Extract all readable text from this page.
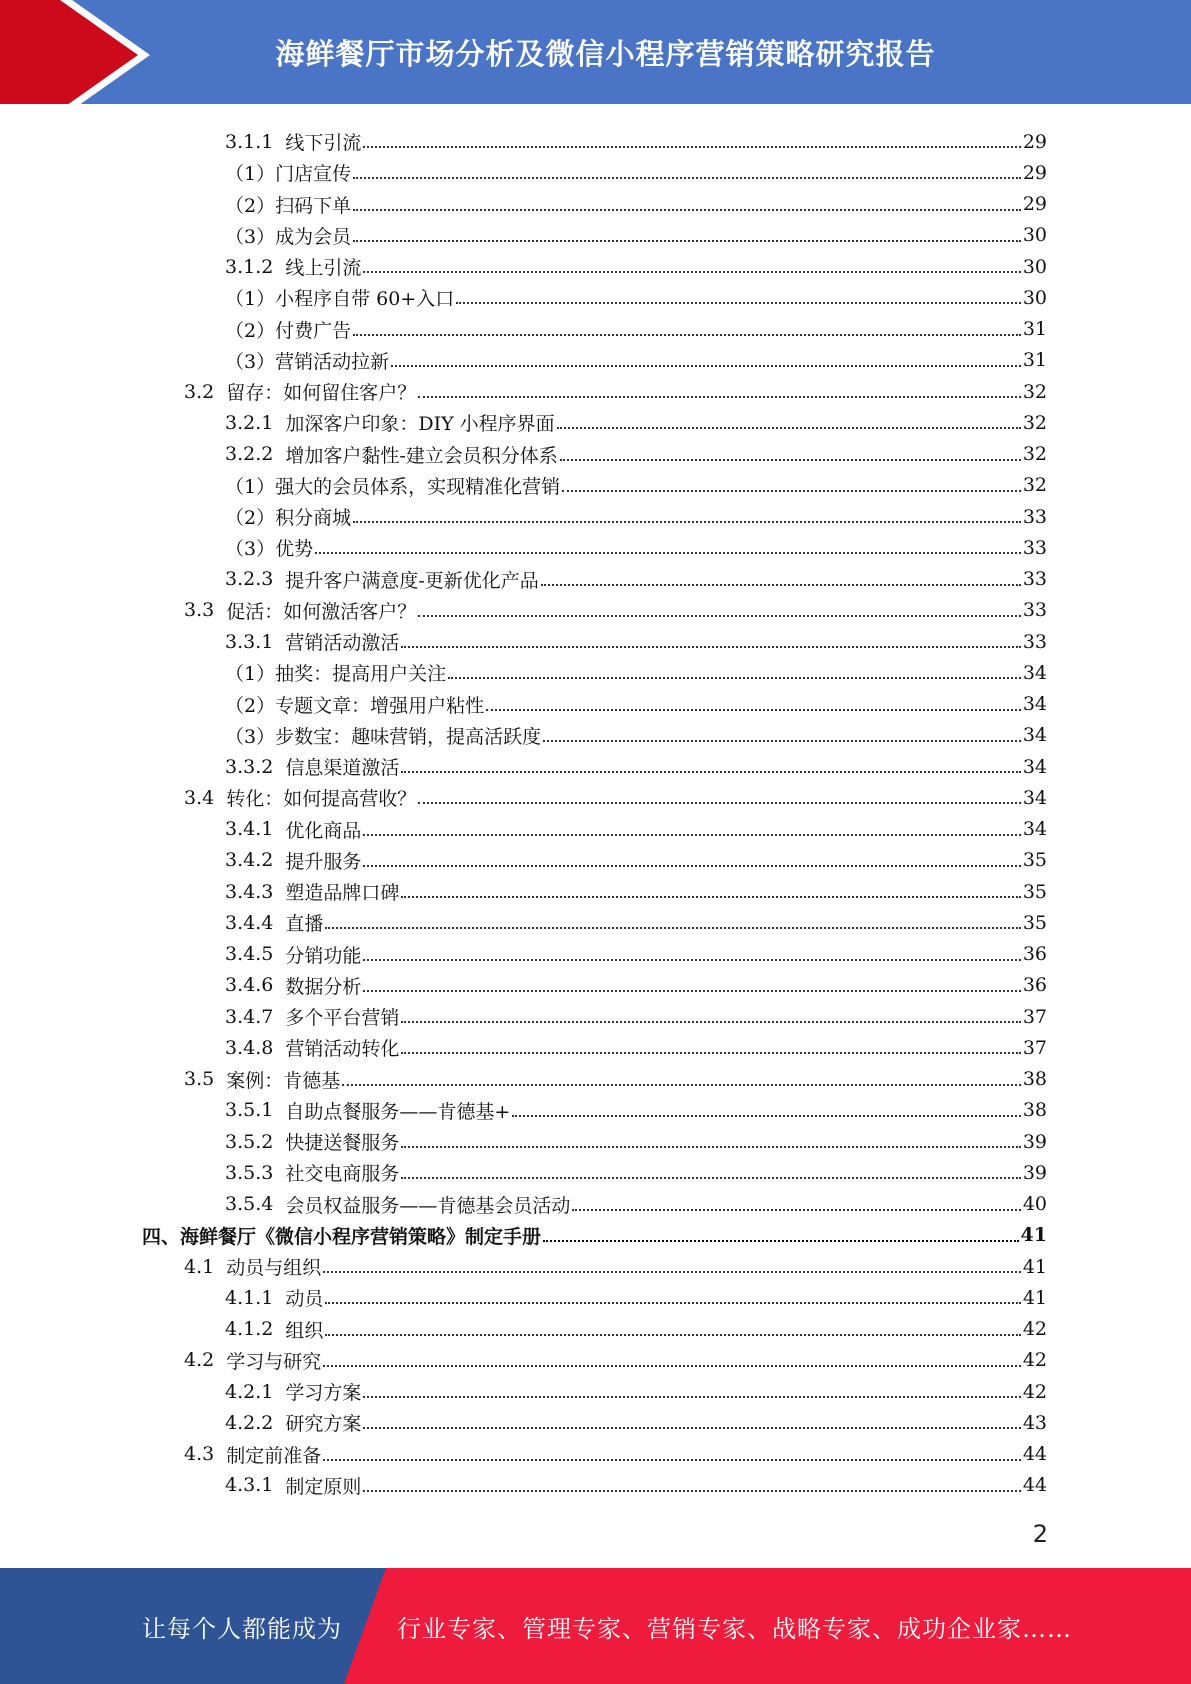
海鲜餐厅市场分析及微信小程序营销策略研究报告
3.1.1 线下引流	29
（1） 门店宣传	29
（2） 扫码下单	29
（3） 成为会员	30
3.1.2 线上引流	30
（1） 小程序自带 60+入口	30
（2） 付费广告	31
（3） 营销活动拉新	31
3.2 留存：如何留住客户？	32
3.2.1 加深客户印象：DIY 小程序界面	32
3.2.2 增加客户黏性-建立会员积分体系	32
（1） 强大的会员体系，实现精准化营销	32
（2） 积分商城	33
（3） 优势	33
3.2.3 提升客户满意度-更新优化产品	33
3.3 促活：如何激活客户？	33
3.3.1 营销活动激活	33
（1） 抽奖：提高用户关注	34
（2） 专题文章：增强用户粘性	34
（3） 步数宝：趣味营销，提高活跃度	34
3.3.2 信息渠道激活	34
3.4 转化：如何提高营收？	34
3.4.1 优化商品	34
3.4.2 提升服务	35
3.4.3 塑造品牌口碑	35
3.4.4 直播	35
3.4.5 分销功能	36
3.4.6 数据分析	36
3.4.7 多个平台营销	37
3.4.8 营销活动转化	37
3.5 案例：肯德基	38
3.5.1 自助点餐服务——肯德基+	38
3.5.2 快捷送餐服务	39
3.5.3 社交电商服务	39
3.5.4 会员权益服务——肯德基会员活动	40
四、海鲜餐厅《微信小程序营销策略》制定手册	41
4.1 动员与组织	41
4.1.1 动员	41
4.1.2 组织	42
4.2 学习与研究	42
4.2.1 学习方案	42
4.2.2 研究方案	43
4.3 制定前准备	44
4.3.1 制定原则	44
2
让每个人都能成为 行业专家、管理专家、营销专家、战略专家、成功企业家……
